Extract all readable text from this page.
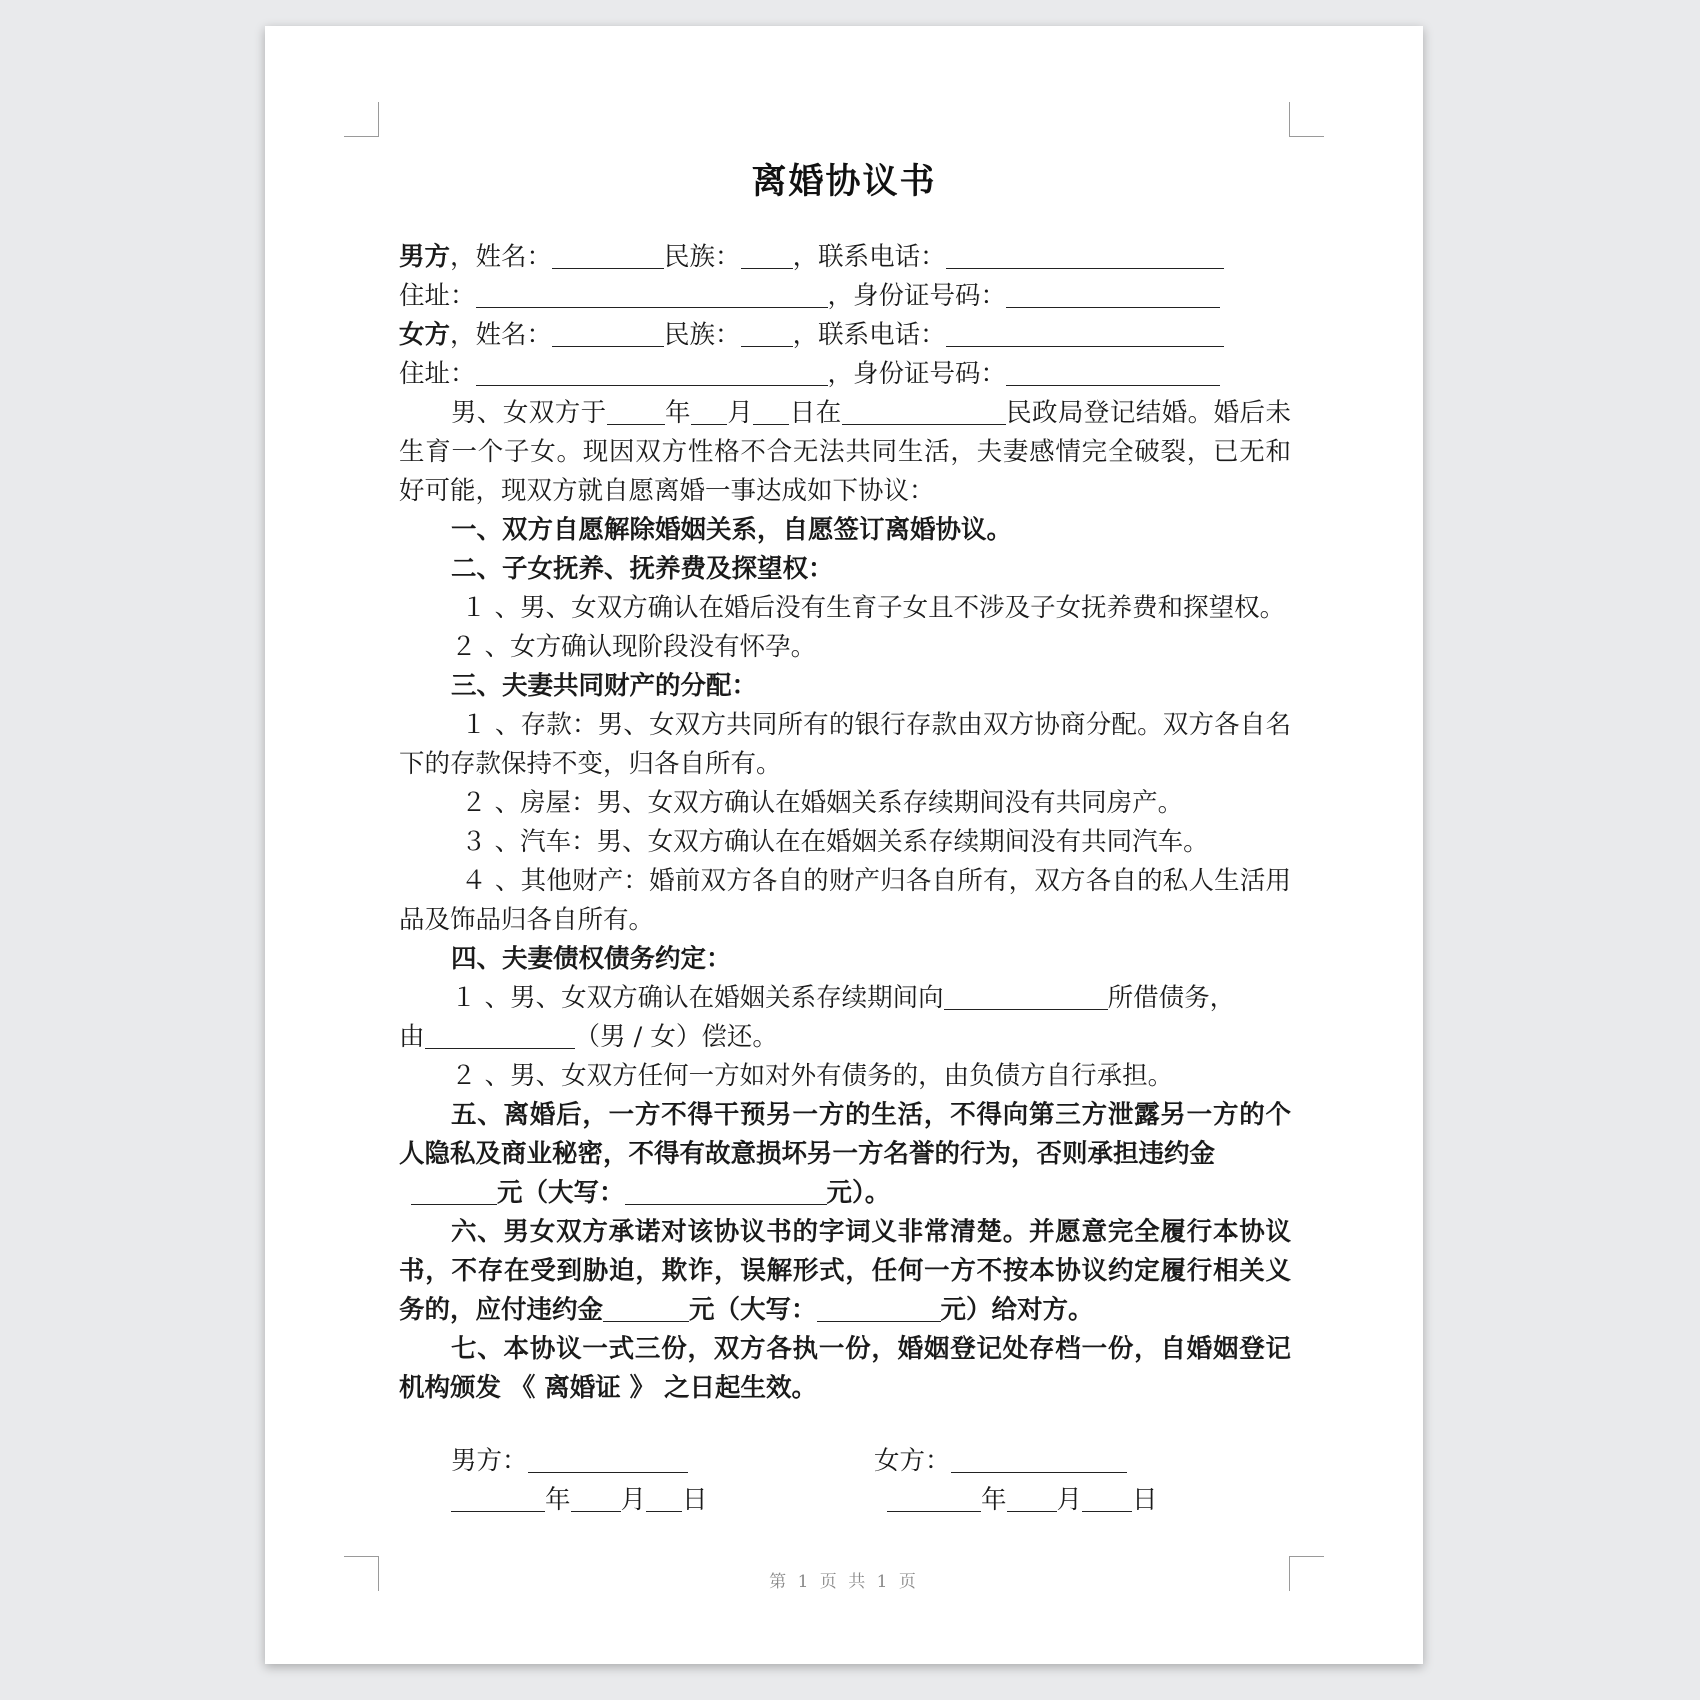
离婚协议书
男方，姓名：	民族： ，联系电话：
住址：	，身份证号码：
女方，姓名：	民族： ，联系电话：
住址：	，身份证号码：
男、女双方于 年 月 日在	民政局登记结婚。婚后未生育一个子女。现因双方性格不合无法共同生活，夫妻感情完全破裂，已无和好可能，现双方就自愿离婚一事达成如下协议：
一、双方自愿解除婚姻关系，自愿签订离婚协议。
二、子女抚养、抚养费及探望权：
１ 、男、女双方确认在婚后没有生育子女且不涉及子女抚养费和探望权。
２ 、女方确认现阶段没有怀孕。
三、夫妻共同财产的分配：
１ 、存款：男、女双方共同所有的银行存款由双方协商分配。双方各自名下的存款保持不变，归各自所有。
２ 、房屋：男、女双方确认在婚姻关系存续期间没有共同房产。
３ 、汽车：男、女双方确认在在婚姻关系存续期间没有共同汽车。
４ 、其他财产：婚前双方各自的财产归各自所有，双方各自的私人生活用品及饰品归各自所有。
四、夫妻债权债务约定：
１ 、男、女双方确认在婚姻关系存续期间向	所借债务，
由	（男 / 女）偿还。
２ 、男、女双方任何一方如对外有债务的，由负债方自行承担。
五、离婚后，一方不得干预另一方的生活，不得向第三方泄露另一方的个人隐私及商业秘密，不得有故意损坏另一方名誉的行为，否则承担违约金
元（大写：	元）。
六、男女双方承诺对该协议书的字词义非常清楚。并愿意完全履行本协议书，不存在受到胁迫，欺诈，误解形式，任何一方不按本协议约定履行相关义务的，应付违约金	元（大写：	元）给对方。
七、本协议一式三份，双方各执一份，婚姻登记处存档一份，自婚姻登记机构颁发 《 离婚证 》 之日起生效。
男方：	女方：
年 月 日	年 月 日
第 1 页 共 1 页
